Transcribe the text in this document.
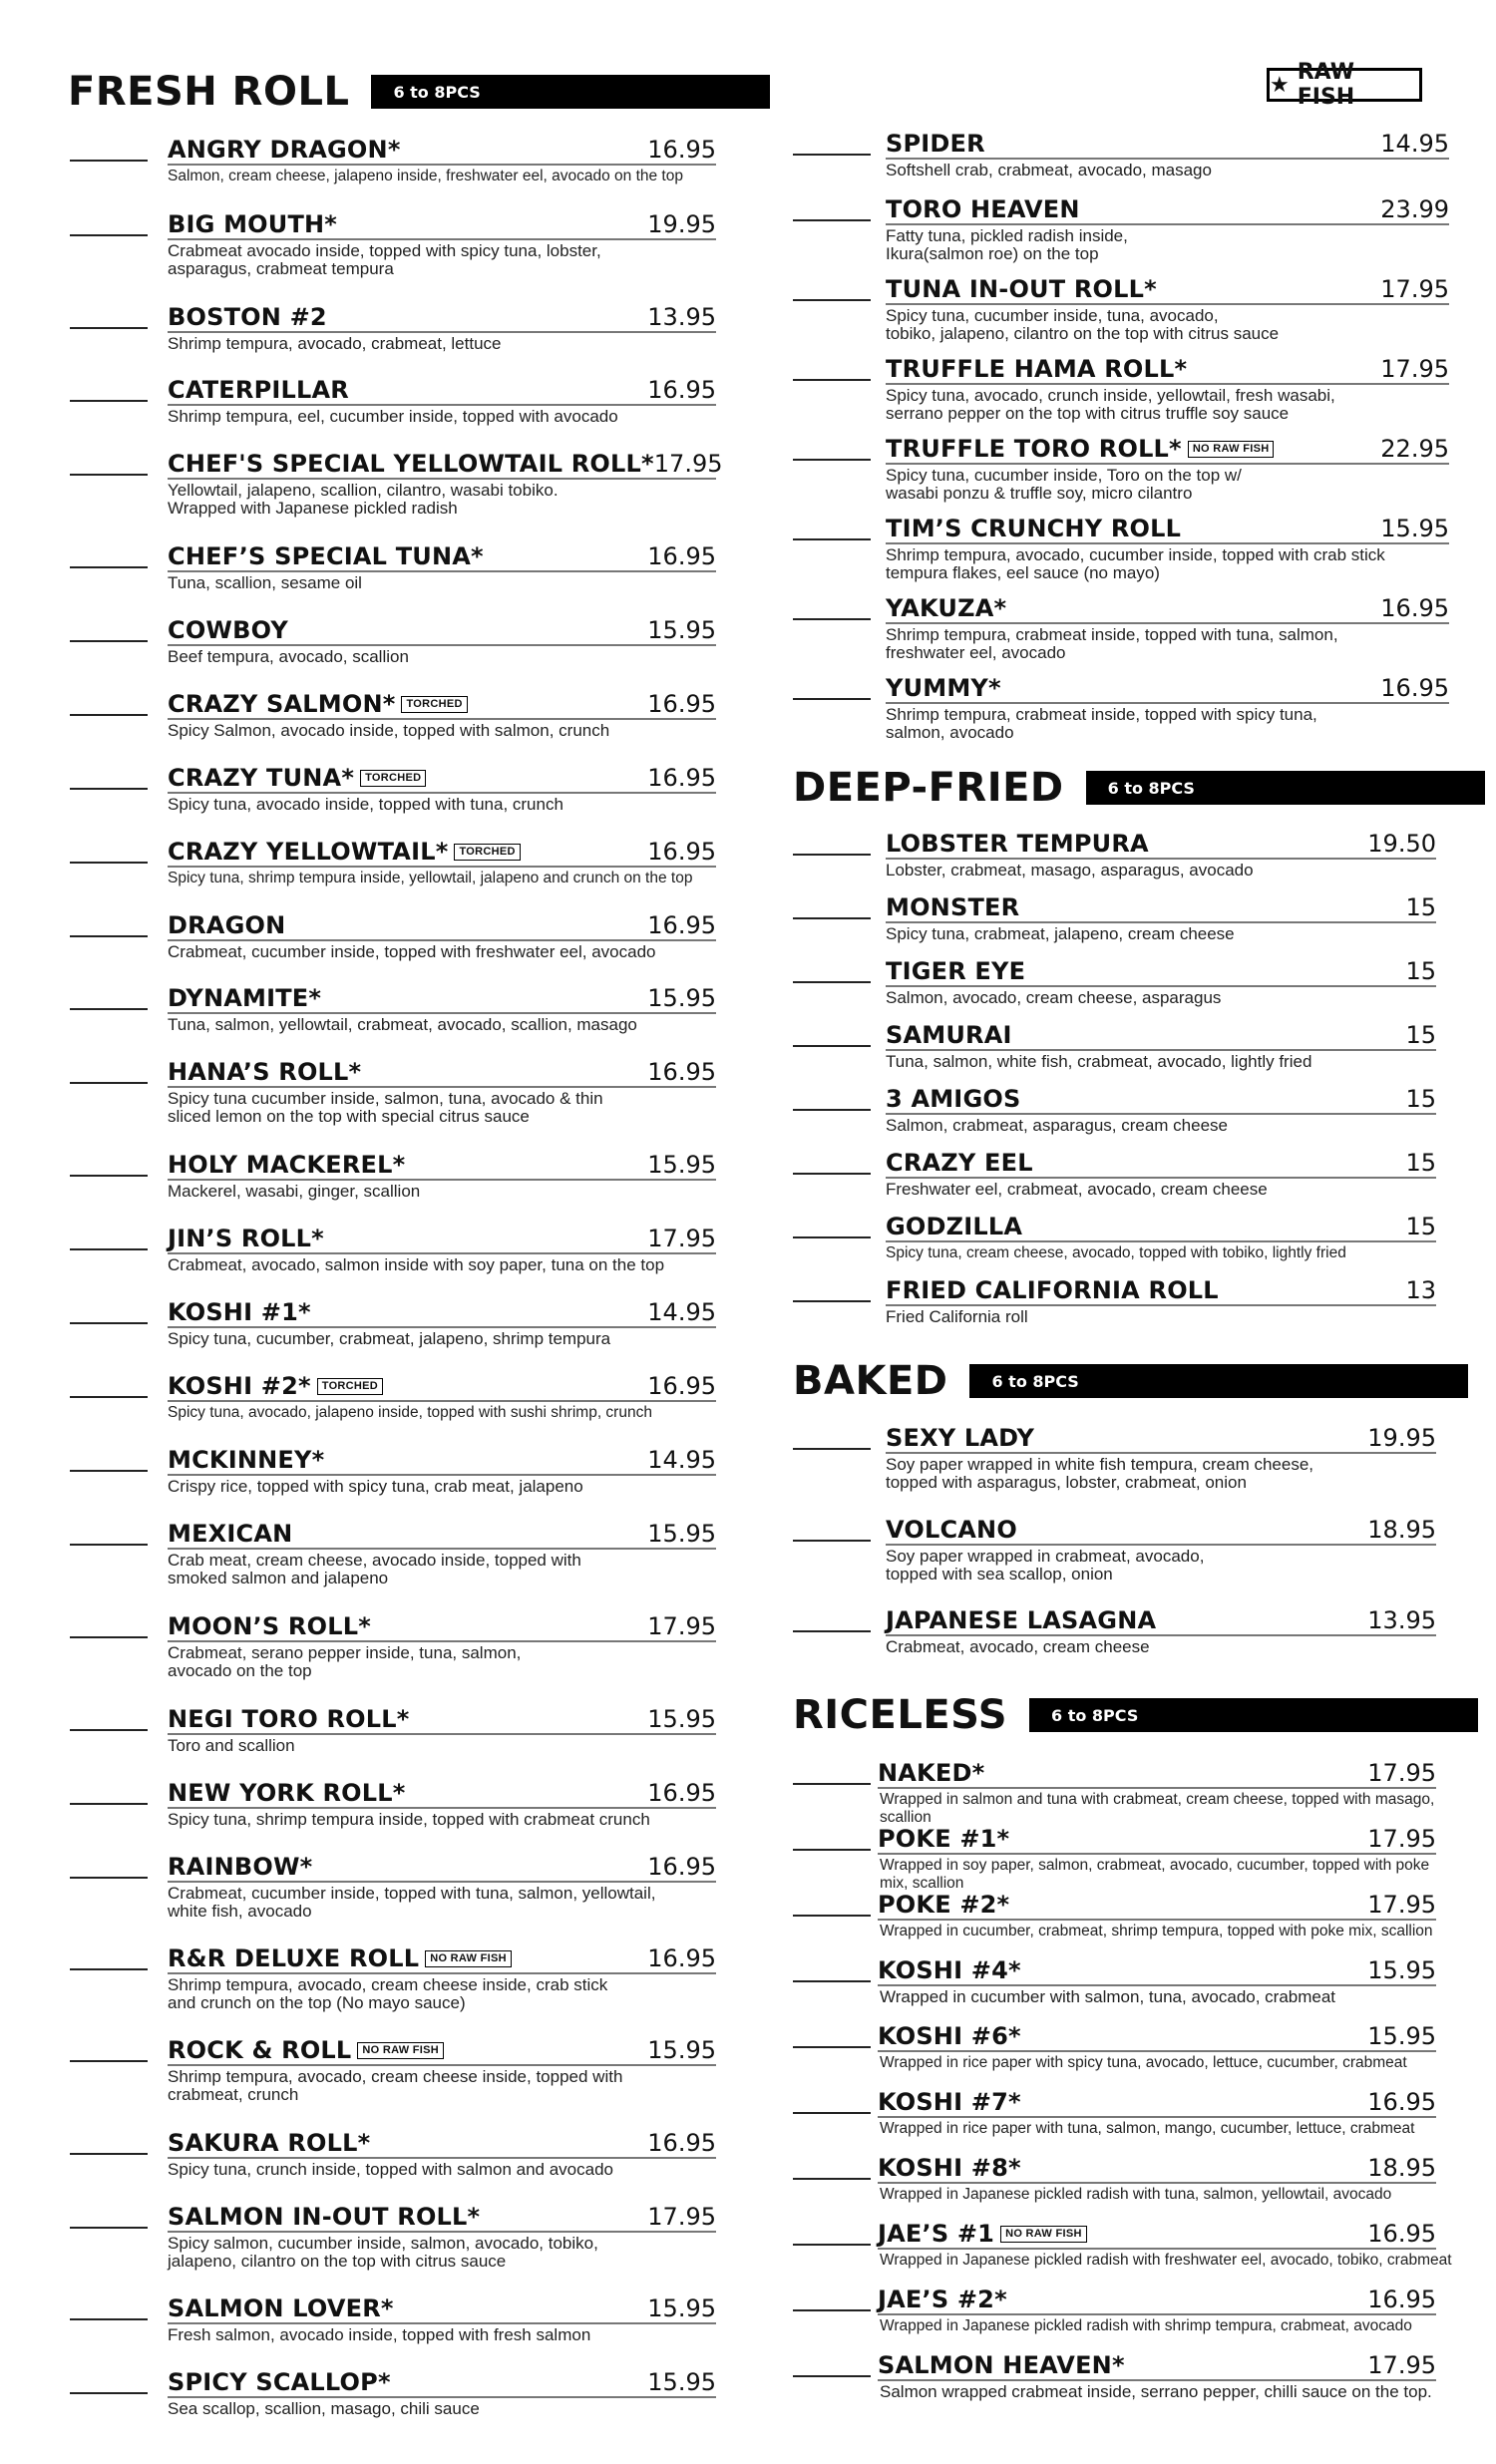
FRESH ROLL	6 to 8PCS	★ RAW FISH
DEEP-FRIED	6 to 8PCS
BAKED	6 to 8PCS
RICELESS	6 to 8PCS
ANGRY DRAGON*	16.95
Salmon, cream cheese, jalapeno inside, freshwater eel, avocado on the top
BIG MOUTH*	19.95
Crabmeat avocado inside, topped with spicy tuna, lobster,
asparagus, crabmeat tempura
BOSTON #2	13.95
Shrimp tempura, avocado, crabmeat, lettuce
CATERPILLAR	16.95
Shrimp tempura, eel, cucumber inside, topped with avocado
CHEF'S SPECIAL YELLOWTAIL ROLL* 17.95
Yellowtail, jalapeno, scallion, cilantro, wasabi tobiko.
Wrapped with Japanese pickled radish
CHEF’S SPECIAL TUNA*	16.95
Tuna, scallion, sesame oil
COWBOY	15.95
Beef tempura, avocado, scallion
CRAZY SALMON*	TORCHED	16.95
Spicy Salmon, avocado inside, topped with salmon, crunch
CRAZY TUNA*	TORCHED	16.95
Spicy tuna, avocado inside, topped with tuna, crunch
CRAZY YELLOWTAIL*	TORCHED	16.95
Spicy tuna, shrimp tempura inside, yellowtail, jalapeno and crunch on the top
DRAGON	16.95
Crabmeat, cucumber inside, topped with freshwater eel, avocado
DYNAMITE*	15.95
Tuna, salmon, yellowtail, crabmeat, avocado, scallion, masago
HANA’S ROLL*	16.95
Spicy tuna cucumber inside, salmon, tuna, avocado & thin
sliced lemon on the top with special citrus sauce
HOLY MACKEREL*	15.95
Mackerel, wasabi, ginger, scallion
JIN’S ROLL*	17.95
Crabmeat, avocado, salmon inside with soy paper, tuna on the top
KOSHI #1*	14.95
Spicy tuna, cucumber, crabmeat, jalapeno, shrimp tempura
KOSHI #2*	TORCHED	16.95
Spicy tuna, avocado, jalapeno inside, topped with sushi shrimp, crunch
MCKINNEY*	14.95
Crispy rice, topped with spicy tuna, crab meat, jalapeno
MEXICAN	15.95
Crab meat, cream cheese, avocado inside, topped with
smoked salmon and jalapeno
MOON’S ROLL*	17.95
Crabmeat, serano pepper inside, tuna, salmon,
avocado on the top
NEGI TORO ROLL*	15.95
Toro and scallion
NEW YORK ROLL*	16.95
Spicy tuna, shrimp tempura inside, topped with crabmeat crunch
RAINBOW*	16.95
Crabmeat, cucumber inside, topped with tuna, salmon, yellowtail,
white fish, avocado
R&R DELUXE ROLL	NO RAW FISH	16.95
Shrimp tempura, avocado, cream cheese inside, crab stick
and crunch on the top (No mayo sauce)
ROCK & ROLL	NO RAW FISH	15.95
Shrimp tempura, avocado, cream cheese inside, topped with
crabmeat, crunch
SAKURA ROLL*	16.95
Spicy tuna, crunch inside, topped with salmon and avocado
SALMON IN-OUT ROLL*	17.95
Spicy salmon, cucumber inside, salmon, avocado, tobiko,
jalapeno, cilantro on the top with citrus sauce
SALMON LOVER*	15.95
Fresh salmon, avocado inside, topped with fresh salmon
SPICY SCALLOP*	15.95
Sea scallop, scallion, masago, chili sauce
SPIDER	14.95
Softshell crab, crabmeat, avocado, masago
TORO HEAVEN	23.99
Fatty tuna, pickled radish inside,
Ikura(salmon roe) on the top
TUNA IN-OUT ROLL*	17.95
Spicy tuna, cucumber inside, tuna, avocado,
tobiko, jalapeno, cilantro on the top with citrus sauce
TRUFFLE HAMA ROLL*	17.95
Spicy tuna, avocado, crunch inside, yellowtail, fresh wasabi,
serrano pepper on the top with citrus truffle soy sauce
TRUFFLE TORO ROLL*	NO RAW FISH	22.95
Spicy tuna, cucumber inside, Toro on the top w/
wasabi ponzu & truffle soy, micro cilantro
TIM’S CRUNCHY ROLL	15.95
Shrimp tempura, avocado, cucumber inside, topped with crab stick
tempura flakes, eel sauce (no mayo)
YAKUZA*	16.95
Shrimp tempura, crabmeat inside, topped with tuna, salmon,
freshwater eel, avocado
YUMMY*	16.95
Shrimp tempura, crabmeat inside, topped with spicy tuna,
salmon, avocado
LOBSTER TEMPURA	19.50
Lobster, crabmeat, masago, asparagus, avocado
MONSTER	15
Spicy tuna, crabmeat, jalapeno, cream cheese
TIGER EYE	15
Salmon, avocado, cream cheese, asparagus
SAMURAI	15
Tuna, salmon, white fish, crabmeat, avocado, lightly fried
3 AMIGOS	15
Salmon, crabmeat, asparagus, cream cheese
CRAZY EEL	15
Freshwater eel, crabmeat, avocado, cream cheese
GODZILLA	15
Spicy tuna, cream cheese, avocado, topped with tobiko, lightly fried
FRIED CALIFORNIA ROLL	13
Fried California roll
SEXY LADY	19.95
Soy paper wrapped in white fish tempura, cream cheese,
topped with asparagus, lobster, crabmeat, onion
VOLCANO	18.95
Soy paper wrapped in crabmeat, avocado,
topped with sea scallop, onion
JAPANESE LASAGNA	13.95
Crabmeat, avocado, cream cheese
NAKED*	17.95
Wrapped in salmon and tuna with crabmeat, cream cheese, topped with masago, scallion
POKE #1*	17.95
Wrapped in soy paper, salmon, crabmeat, avocado, cucumber, topped with poke mix, scallion
POKE #2*	17.95
Wrapped in cucumber, crabmeat, shrimp tempura, topped with poke mix, scallion
KOSHI #4*	15.95
Wrapped in cucumber with salmon, tuna, avocado, crabmeat
KOSHI #6*	15.95
Wrapped in rice paper with spicy tuna, avocado, lettuce, cucumber, crabmeat
KOSHI #7*	16.95
Wrapped in rice paper with tuna, salmon, mango, cucumber, lettuce, crabmeat
KOSHI #8*	18.95
Wrapped in Japanese pickled radish with tuna, salmon, yellowtail, avocado
JAE’S #1	NO RAW FISH	16.95
Wrapped in Japanese pickled radish with freshwater eel, avocado, tobiko, crabmeat
JAE’S #2*	16.95
Wrapped in Japanese pickled radish with shrimp tempura, crabmeat, avocado
SALMON HEAVEN*	17.95
Salmon wrapped crabmeat inside, serrano pepper, chilli sauce on the top.
